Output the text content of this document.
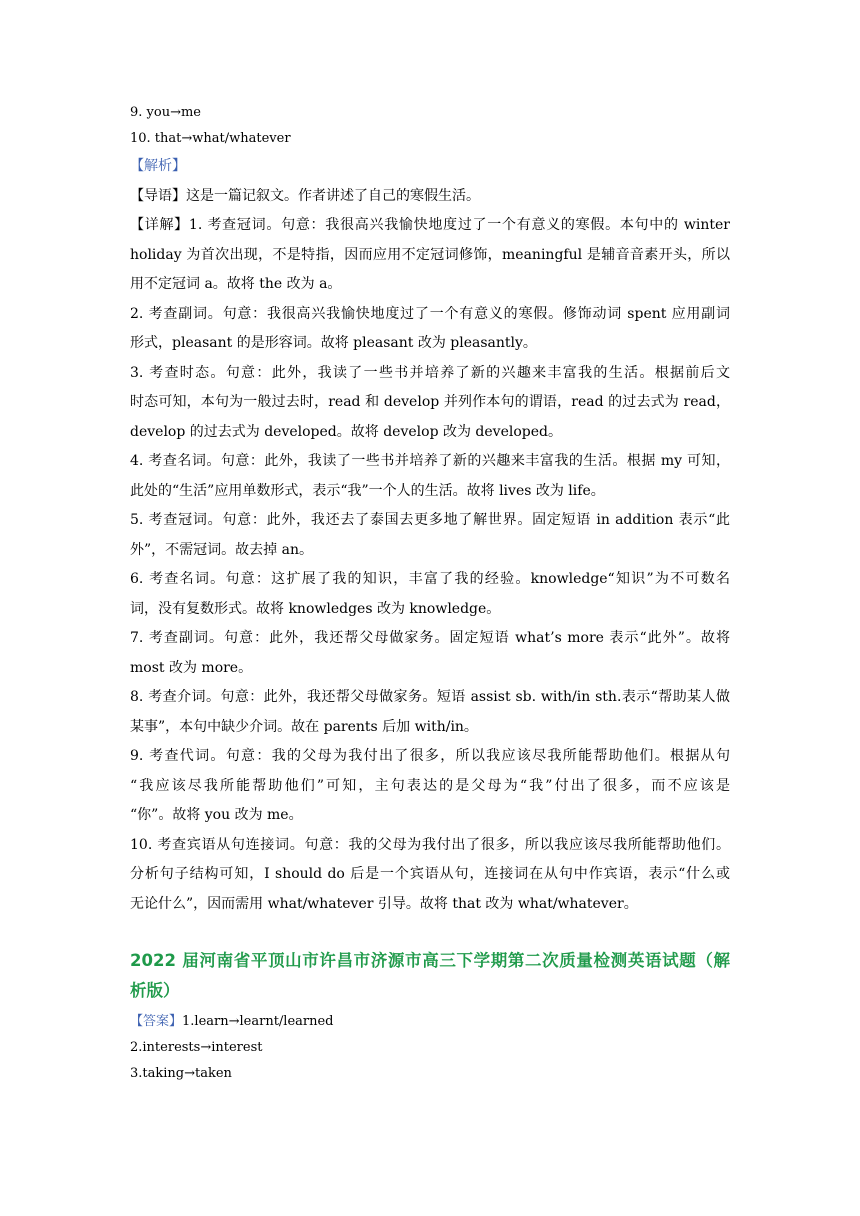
9. you→me
10. that→what/whatever
【解析】
【导语】这是一篇记叙文。作者讲述了自己的寒假生活。
【详解】1. 考查冠词。句意：我很高兴我愉快地度过了一个有意义的寒假。本句中的 winter
holiday 为首次出现，不是特指，因而应用不定冠词修饰，meaningful 是辅音音素开头，所以
用不定冠词 a。故将 the 改为 a。
2. 考查副词。句意：我很高兴我愉快地度过了一个有意义的寒假。修饰动词 spent 应用副词
形式，pleasant 的是形容词。故将 pleasant 改为 pleasantly。
3. 考查时态。句意：此外，我读了一些书并培养了新的兴趣来丰富我的生活。根据前后文
时态可知，本句为一般过去时，read 和 develop 并列作本句的谓语，read 的过去式为 read，
develop 的过去式为 developed。故将 develop 改为 developed。
4. 考查名词。句意：此外，我读了一些书并培养了新的兴趣来丰富我的生活。根据 my 可知，
此处的“生活”应用单数形式，表示“我”一个人的生活。故将 lives 改为 life。
5. 考查冠词。句意：此外，我还去了泰国去更多地了解世界。固定短语 in addition 表示“此
外”，不需冠词。故去掉 an。
6. 考查名词。句意：这扩展了我的知识，丰富了我的经验。knowledge“知识”为不可数名
词，没有复数形式。故将 knowledges 改为 knowledge。
7. 考查副词。句意：此外，我还帮父母做家务。固定短语 what’s more 表示“此外”。故将
most 改为 more。
8. 考查介词。句意：此外，我还帮父母做家务。短语 assist sb. with/in sth.表示“帮助某人做
某事”，本句中缺少介词。故在 parents 后加 with/in。
9. 考查代词。句意：我的父母为我付出了很多，所以我应该尽我所能帮助他们。根据从句
“我应该尽我所能帮助他们”可知，主句表达的是父母为“我”付出了很多，而不应该是
“你”。故将 you 改为 me。
10. 考查宾语从句连接词。句意：我的父母为我付出了很多，所以我应该尽我所能帮助他们。
分析句子结构可知，I should do 后是一个宾语从句，连接词在从句中作宾语，表示“什么或
无论什么”，因而需用 what/whatever 引导。故将 that 改为 what/whatever。
2022 届河南省平顶山市许昌市济源市高三下学期第二次质量检测英语试题（解
析版）
【答案】1.learn→learnt/learned
2.interests→interest
3.taking→taken
